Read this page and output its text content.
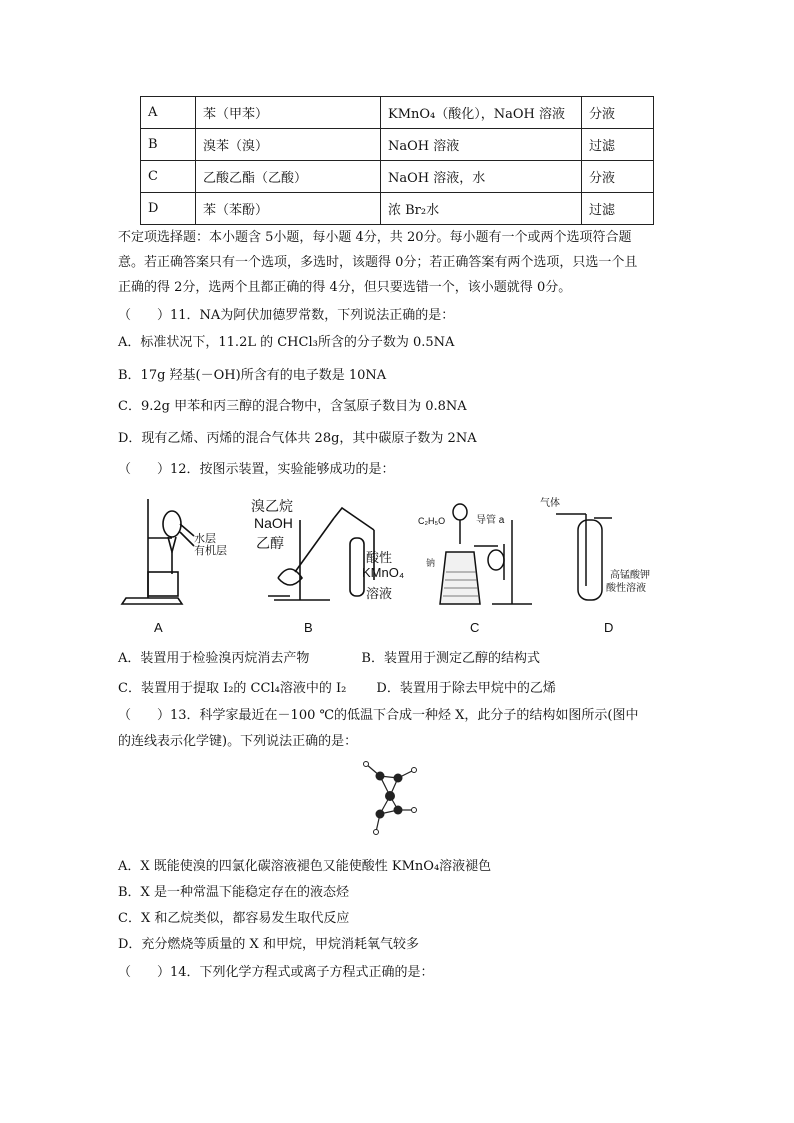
A	苯（甲苯）	KMnO₄（酸化），NaOH 溶液	分液
B	溴苯（溴）	NaOH 溶液	过滤
C	乙酸乙酯（乙酸）	NaOH 溶液，水	分液
D	苯（苯酚）	浓 Br₂水	过滤
不定项选择题：本小题含 5小题，每小题 4分，共 20分。每小题有一个或两个选项符合题
意。若正确答案只有一个选项，多选时，该题得 0分；若正确答案有两个选项，只选一个且
正确的得 2分，选两个且都正确的得 4分，但只要选错一个，该小题就得 0分。
（　　）11．NA为阿伏加德罗常数，下列说法正确的是：
A．标准状况下，11.2L 的 CHCl₃所含的分子数为 0.5NA
B．17g 羟基(－OH)所含有的电子数是 10NA
C．9.2g 甲苯和丙三醇的混合物中，含氢原子数目为 0.8NA
D．现有乙烯、丙烯的混合气体共 28g，其中碳原子数为 2NA
（　　）12．按图示装置，实验能够成功的是：
水层
有机层
A
溴乙烷
NaOH
乙醇
酸性
KMnO₄
溶液
B
C₂H₅O	导管 a
钠
C
气体
高锰酸钾
酸性溶液
D
A．装置用于检验溴丙烷消去产物　　　　B．装置用于测定乙醇的结构式
C．装置用于提取 I₂的 CCl₄溶液中的 I₂　　 D．装置用于除去甲烷中的乙烯
（　　）13．科学家最近在－100 ℃的低温下合成一种烃 X，此分子的结构如图所示(图中
的连线表示化学键)。下列说法正确的是：
A．X 既能使溴的四氯化碳溶液褪色又能使酸性 KMnO₄溶液褪色
B．X 是一种常温下能稳定存在的液态烃
C．X 和乙烷类似，都容易发生取代反应
D．充分燃烧等质量的 X 和甲烷，甲烷消耗氧气较多
（　　）14．下列化学方程式或离子方程式正确的是：
